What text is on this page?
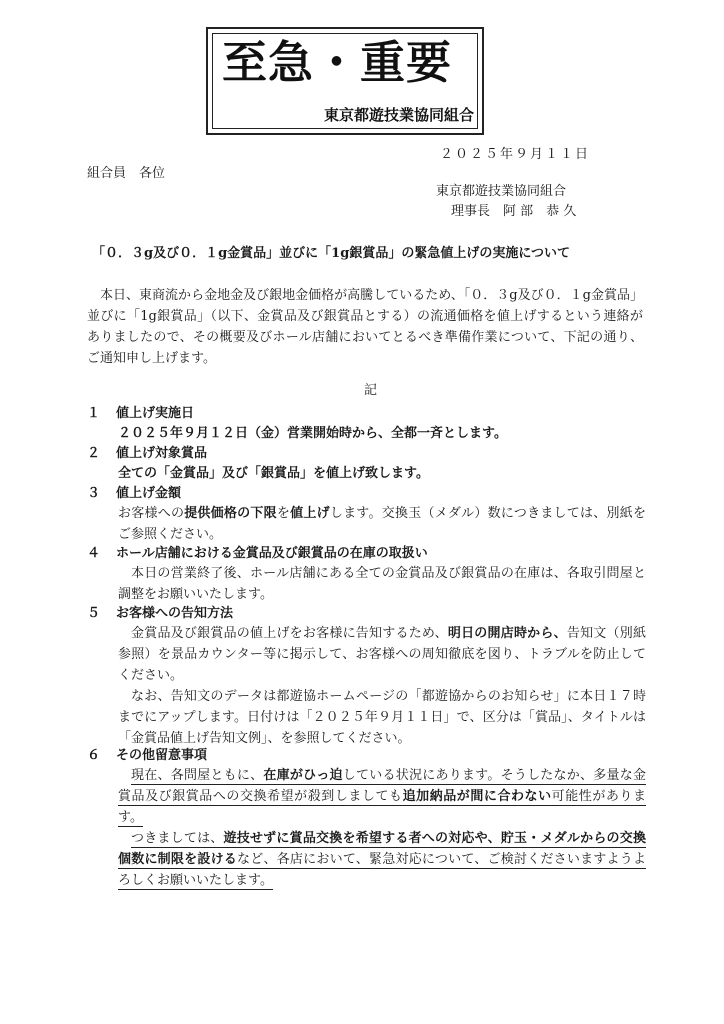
至急・重要
東京都遊技業協同組合
２０２５年９月１１日
組合員　各位
東京都遊技業協同組合
理事長　阿 部　恭 久
「０．３g及び０．１g金賞品」並びに「1g銀賞品」の緊急値上げの実施について
　本日、東商流から金地金及び銀地金価格が高騰しているため、「０．３g及び０．１g金賞品」並びに「1g銀賞品」（以下、金賞品及び銀賞品とする）の流通価格を値上げするという連絡がありましたので、その概要及びホール店舗においてとるべき準備作業について、下記の通り、ご通知申し上げます。
記
１ 値上げ実施日
２０２５年９月１２日（金）営業開始時から、全都一斉とします。
２ 値上げ対象賞品
全ての「金賞品」及び「銀賞品」を値上げ致します。
３ 値上げ金額
お客様への提供価格の下限を値上げします。交換玉（メダル）数につきましては、別紙をご参照ください。
４ ホール店舗における金賞品及び銀賞品の在庫の取扱い
本日の営業終了後、ホール店舗にある全ての金賞品及び銀賞品の在庫は、各取引問屋と調整をお願いいたします。
５ お客様への告知方法
金賞品及び銀賞品の値上げをお客様に告知するため、明日の開店時から、告知文（別紙参照）を景品カウンター等に掲示して、お客様への周知徹底を図り、トラブルを防止してください。
なお、告知文のデータは都遊協ホームページの「都遊協からのお知らせ」に本日１７時までにアップします。日付けは「２０２５年９月１１日」で、区分は「賞品」、タイトルは「金賞品値上げ告知文例」、を参照してください。
６ その他留意事項
現在、各問屋ともに、在庫がひっ迫している状況にあります。そうしたなか、多量な金賞品及び銀賞品への交換希望が殺到しましても追加納品が間に合わない可能性があります。
つきましては、遊技せずに賞品交換を希望する者への対応や、貯玉・メダルからの交換個数に制限を設けるなど、各店において、緊急対応について、ご検討くださいますようよろしくお願いいたします。
